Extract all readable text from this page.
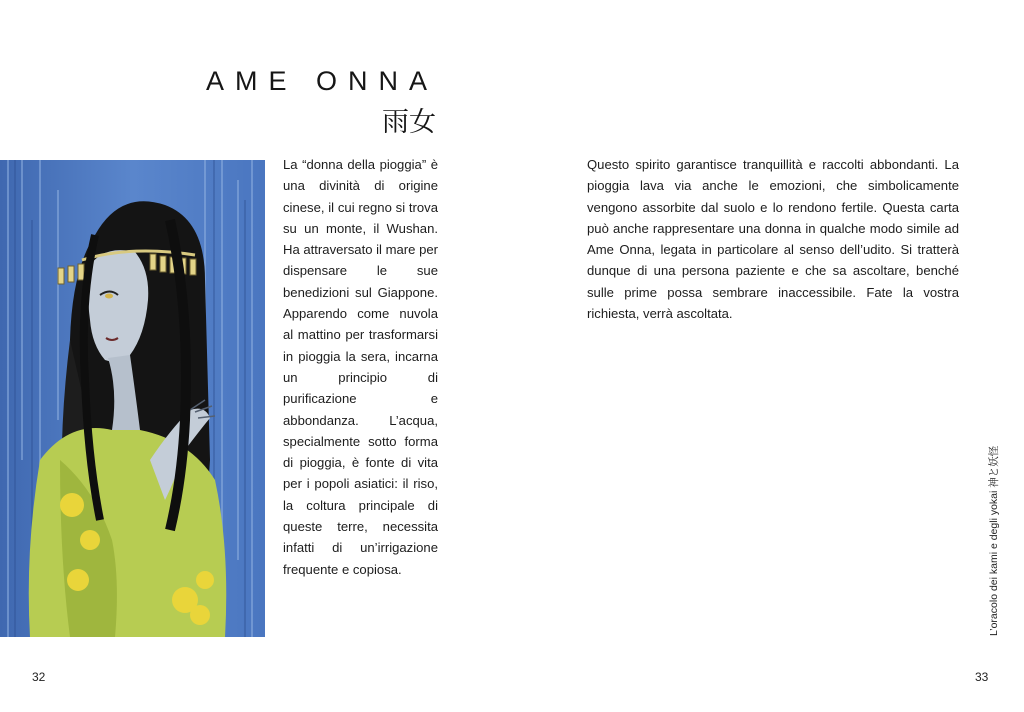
AME ONNA
雨女
La “donna della pioggia” è una divinità di origine cinese, il cui regno si trova su un monte, il Wushan. Ha attraversato il mare per dispensare le sue benedizioni sul Giappone. Apparendo come nuvola al mattino per trasformarsi in pioggia la sera, incarna un principio di purificazione e abbondanza. L’acqua, specialmente sotto forma di pioggia, è fonte di vita per i popoli asiatici: il riso, la coltura principale di queste terre, necessita infatti di un’irrigazione frequente e copiosa.
Questo spirito garantisce tranquillità e raccolti abbondanti. La pioggia lava via anche le emozioni, che simbolicamente vengono assorbite dal suolo e lo rendono fertile. Questa carta può anche rappresentare una donna in qualche modo simile ad Ame Onna, legata in particolare al senso dell’udito. Si tratterà dunque di una persona paziente e che sa ascoltare, benché sulle prime possa sembrare inaccessibile. Fate la vostra richiesta, verrà ascoltata.
L’oracolo dei kami e degli yokai 神と妖怪
32	33
